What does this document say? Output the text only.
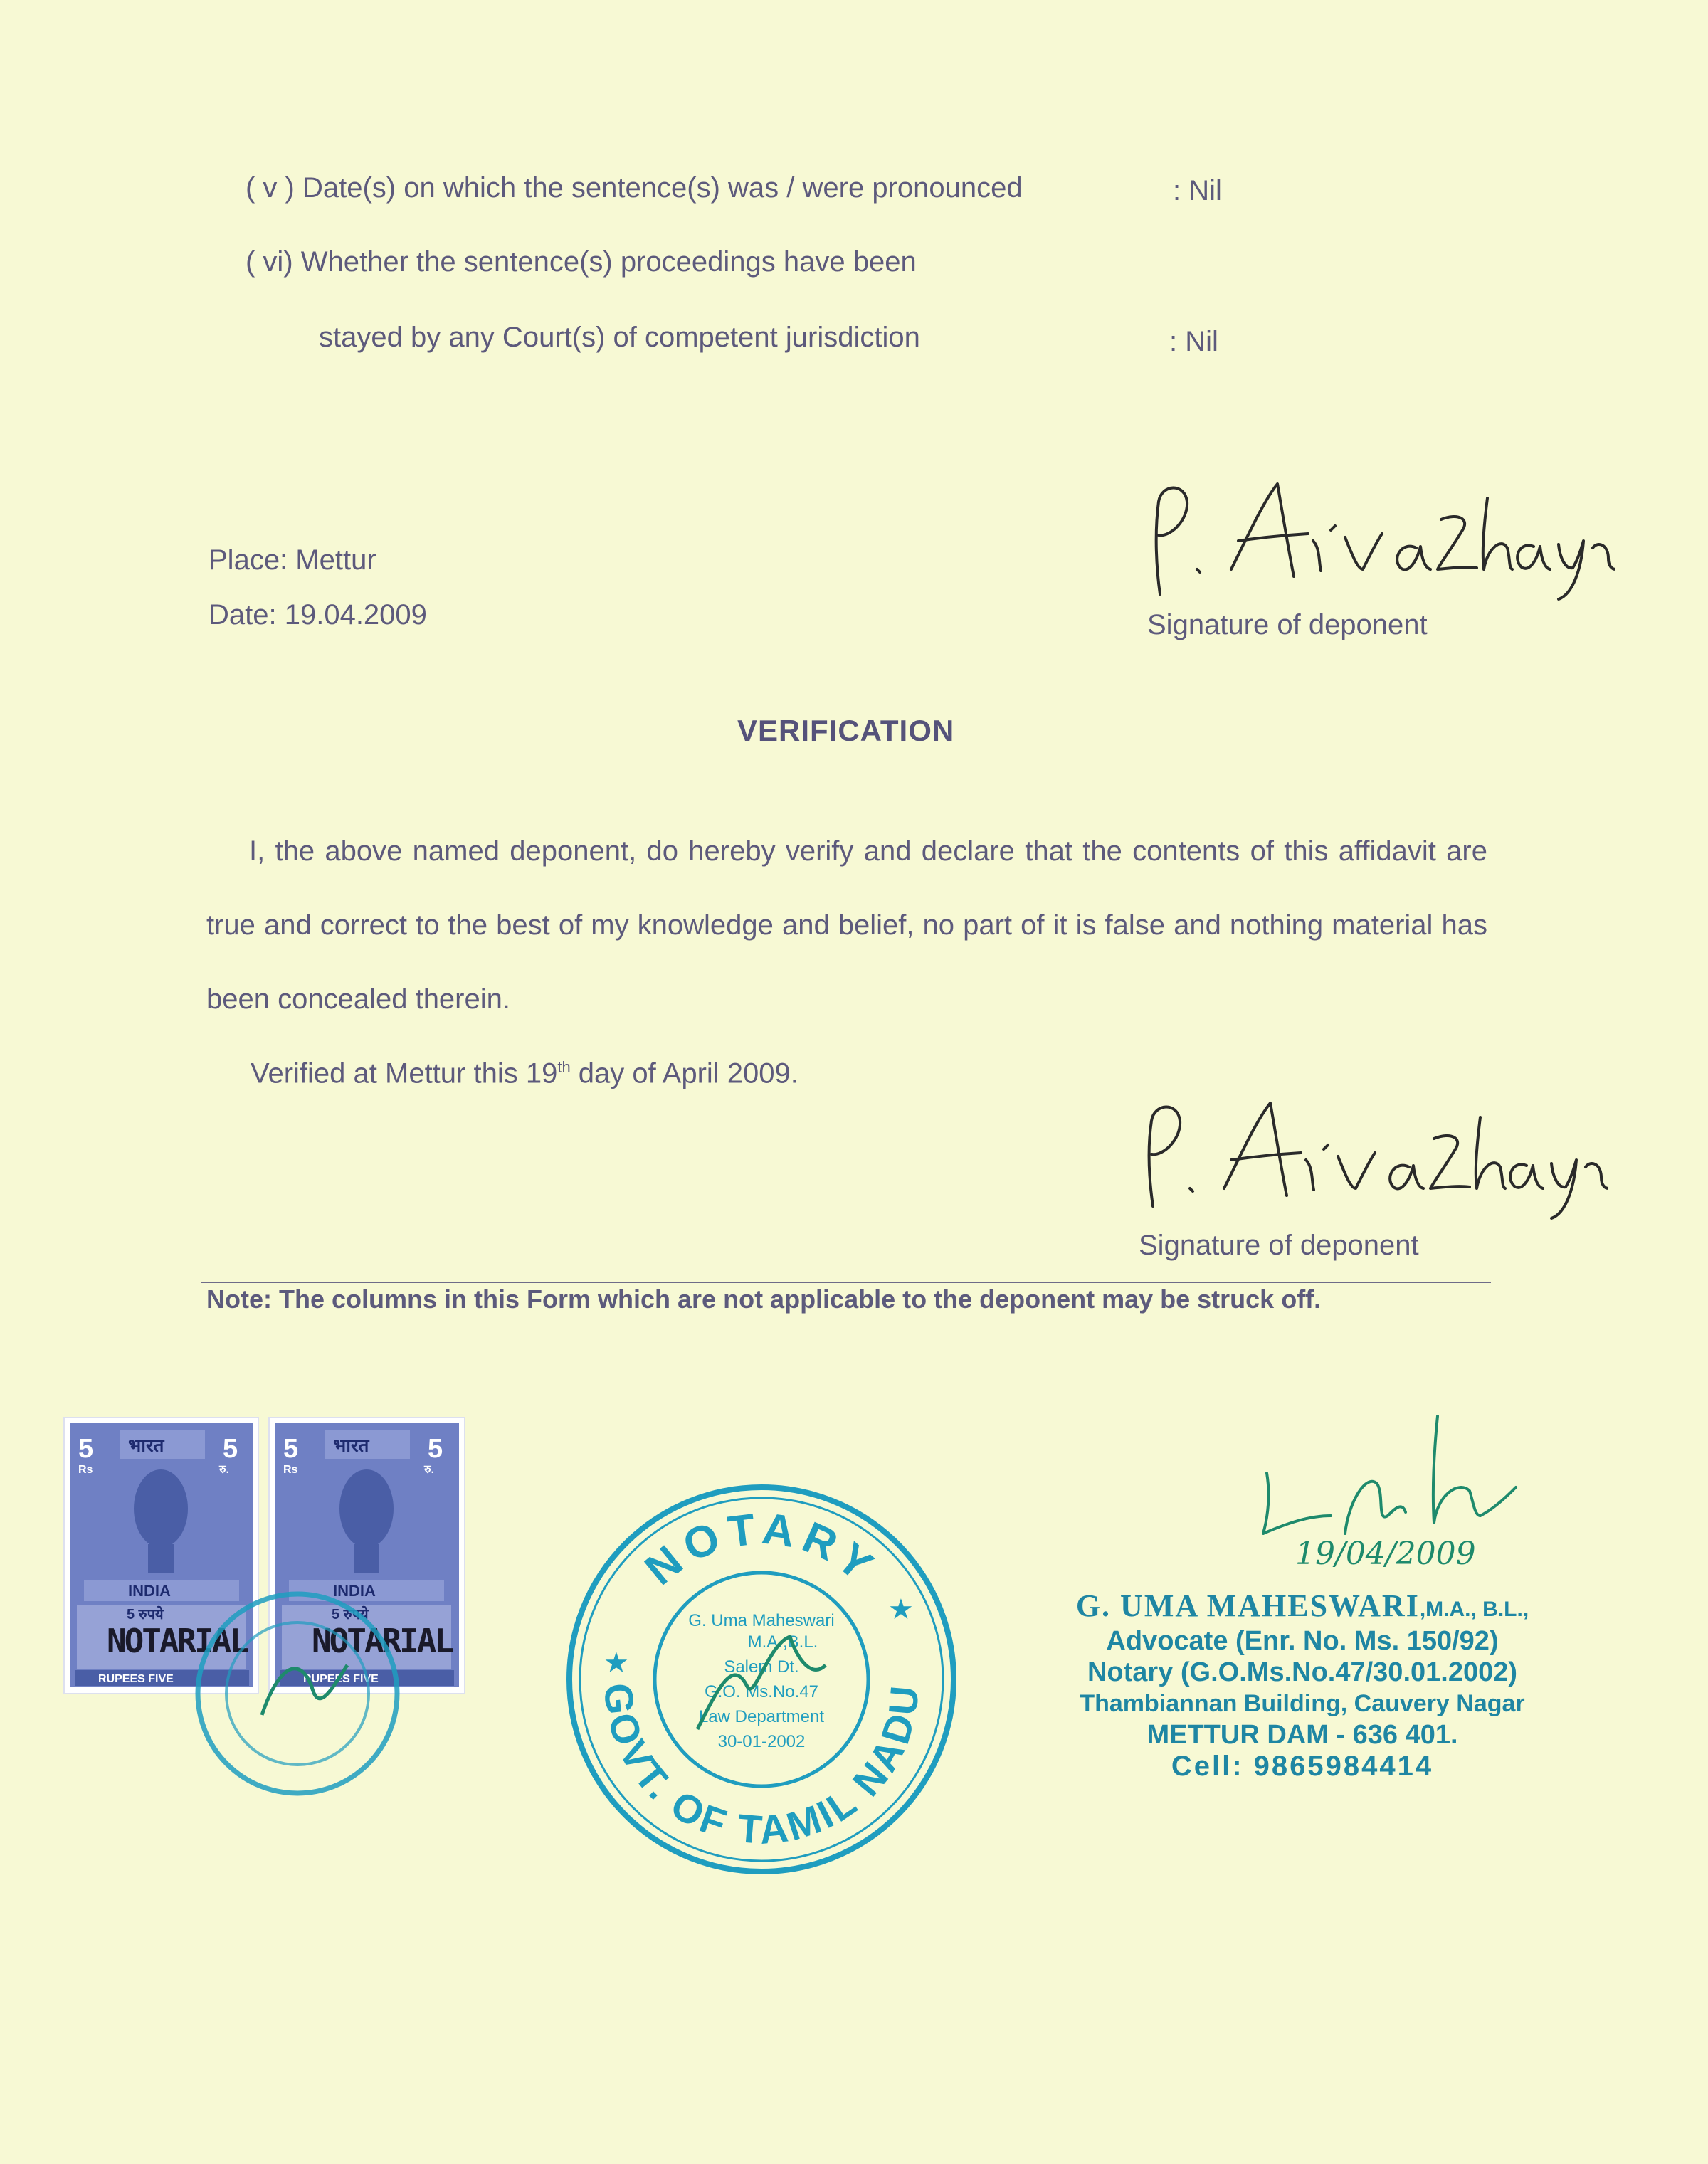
( v ) Date(s) on which the sentence(s) was / were pronounced	: Nil
( vi) Whether the sentence(s) proceedings have been
stayed by any Court(s) of competent jurisdiction	: Nil
Place: Mettur
Date: 19.04.2009	Signature of deponent
VERIFICATION
I, the above named deponent, do hereby verify and declare that the contents of this affidavit are true and correct to the best of my knowledge and belief, no part of it is false and nothing material has been concealed therein.
Verified at Mettur this 19th day of April 2009.
Signature of deponent
Note: The columns in this Form which are not applicable to the deponent may be struck off.
5
Rs
5
रु.
भारत
INDIA
5 रुपये
RUPEES FIVE
5
Rs
5
रु.
भारत
INDIA
5 रुपये
RUPEES FIVE
NOTARIAL NOTARIAL
NOTARY
GOVT. OF TAMIL NADU
★
★
G. Uma Maheswari
M.A.,B.L.
Salem Dt.
G.O. Ms.No.47
Law Department
30-01-2002
19/04/2009
G. UMA MAHESWARI,M.A., B.L.,
Advocate (Enr. No. Ms. 150/92)
Notary (G.O.Ms.No.47/30.01.2002)
Thambiannan Building, Cauvery Nagar
METTUR DAM - 636 401.
Cell: 9865984414
